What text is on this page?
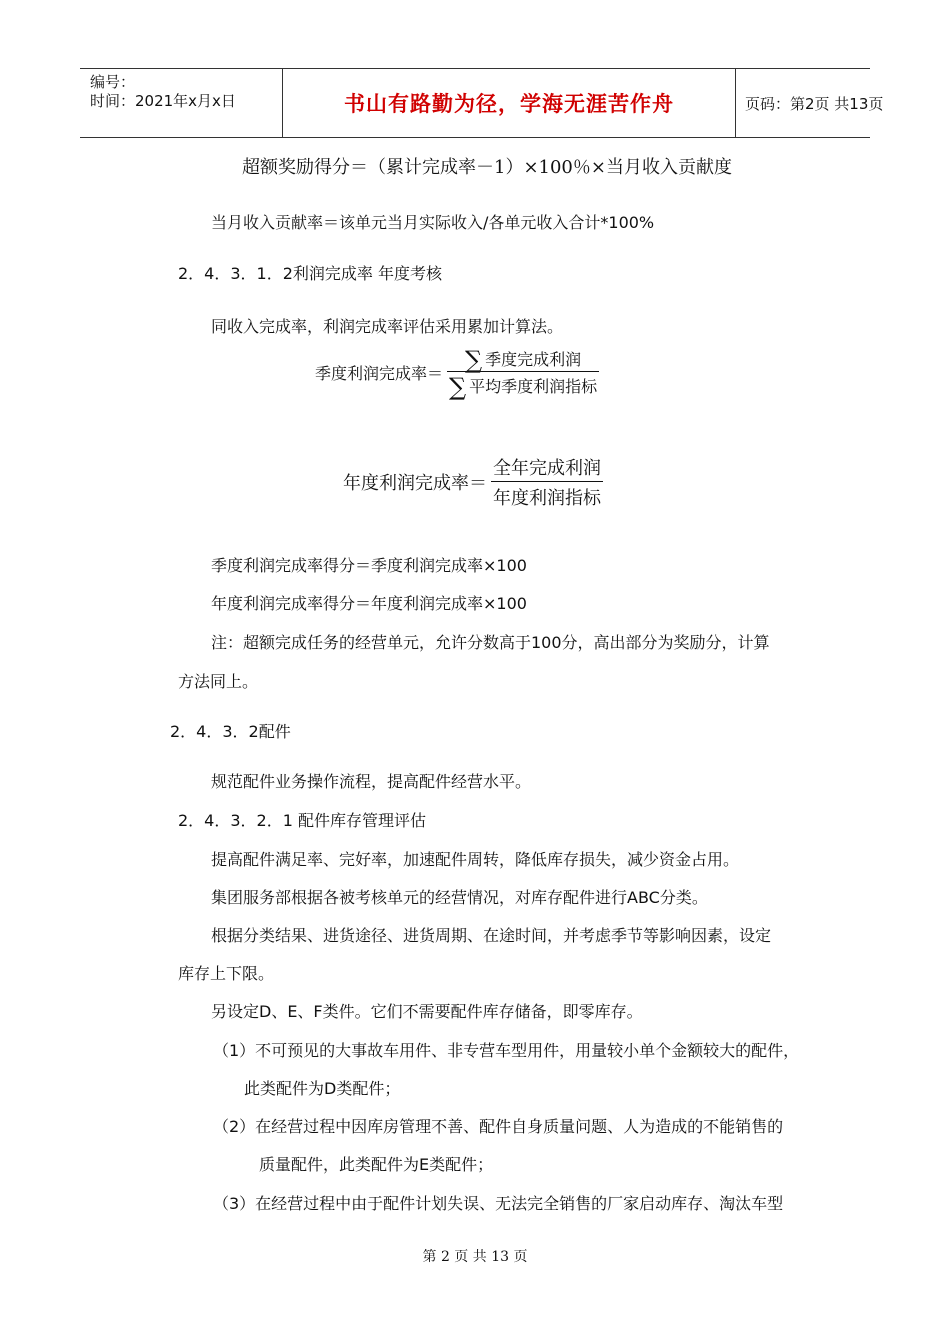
编号：
时间：2021年x月x日	书山有路勤为径，学海无涯苦作舟	页码：第2页 共13页
超额奖励得分＝（累计完成率－1）×100％×当月收入贡献度
当月收入贡献率＝该单元当月实际收入/各单元收入合计*100%
2．4．3．1．2利润完成率 年度考核
同收入完成率，利润完成率评估采用累加计算法。
季度利润完成率＝ $\frac{\text{∑ 季度完成利润}}{\text{∑ 平均季度利润指标}}$
年度利润完成率＝ $\frac{\text{全年完成利润}}{\text{年度利润指标}}$
季度利润完成率得分＝季度利润完成率×100
年度利润完成率得分＝年度利润完成率×100
注：超额完成任务的经营单元，允许分数高于100分，高出部分为奖励分，计算
方法同上。
2．4．3．2配件
规范配件业务操作流程，提高配件经营水平。
2．4．3．2．1 配件库存管理评估
提高配件满足率、完好率，加速配件周转，降低库存损失，减少资金占用。
集团服务部根据各被考核单元的经营情况，对库存配件进行ABC分类。
根据分类结果、进货途径、进货周期、在途时间，并考虑季节等影响因素，设定
库存上下限。
另设定D、E、F类件。它们不需要配件库存储备，即零库存。
（1）不可预见的大事故车用件、非专营车型用件，用量较小单个金额较大的配件，
此类配件为D类配件；
（2）在经营过程中因库房管理不善、配件自身质量问题、人为造成的不能销售的
质量配件，此类配件为E类配件；
（3）在经营过程中由于配件计划失误、无法完全销售的厂家启动库存、淘汰车型
第 2 页 共 13 页
